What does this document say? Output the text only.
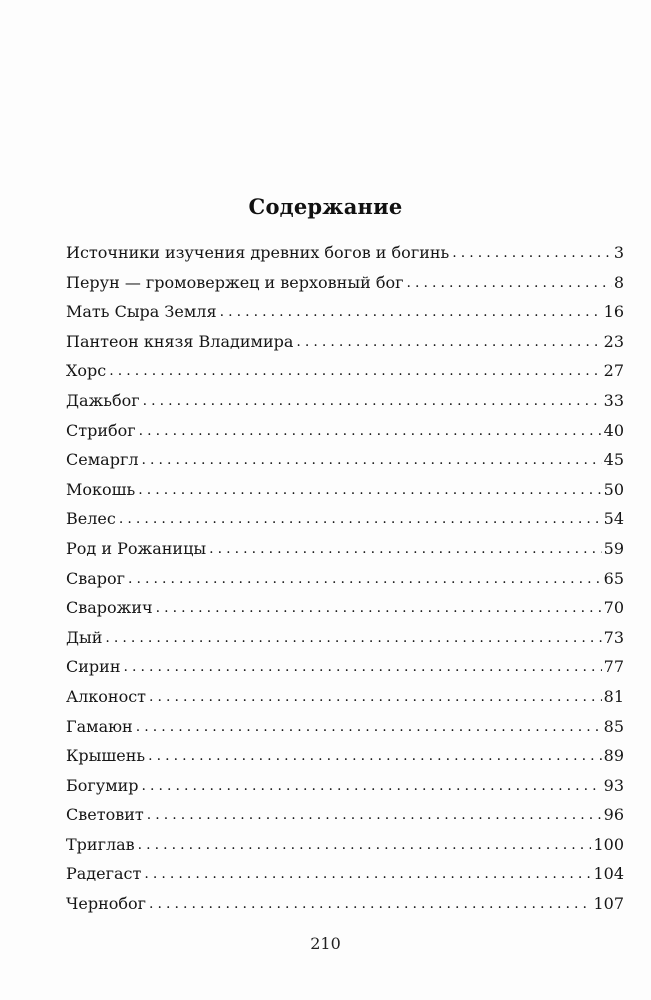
Содержание
Источники изучения древних богов и богинь . . .	3
Перун — громовержец и верховный бог . . .	8
Мать Сыра Земля . . .	16
Пантеон князя Владимира . . .	23
Хорс . . .	27
Дажьбог . . .	33
Стрибог . . .	40
Семаргл . . .	45
Мокошь . . .	50
Велес . . .	54
Род и Рожаницы . . .	59
Сварог . . .	65
Сварожич . . .	70
Дый . . .	73
Сирин . . .	77
Алконост . . .	81
Гамаюн . . .	85
Крышень . . .	89
Богумир . . .	93
Световит . . .	96
Триглав . . .	100
Радегаст . . .	104
Чернобог . . .	107
210
